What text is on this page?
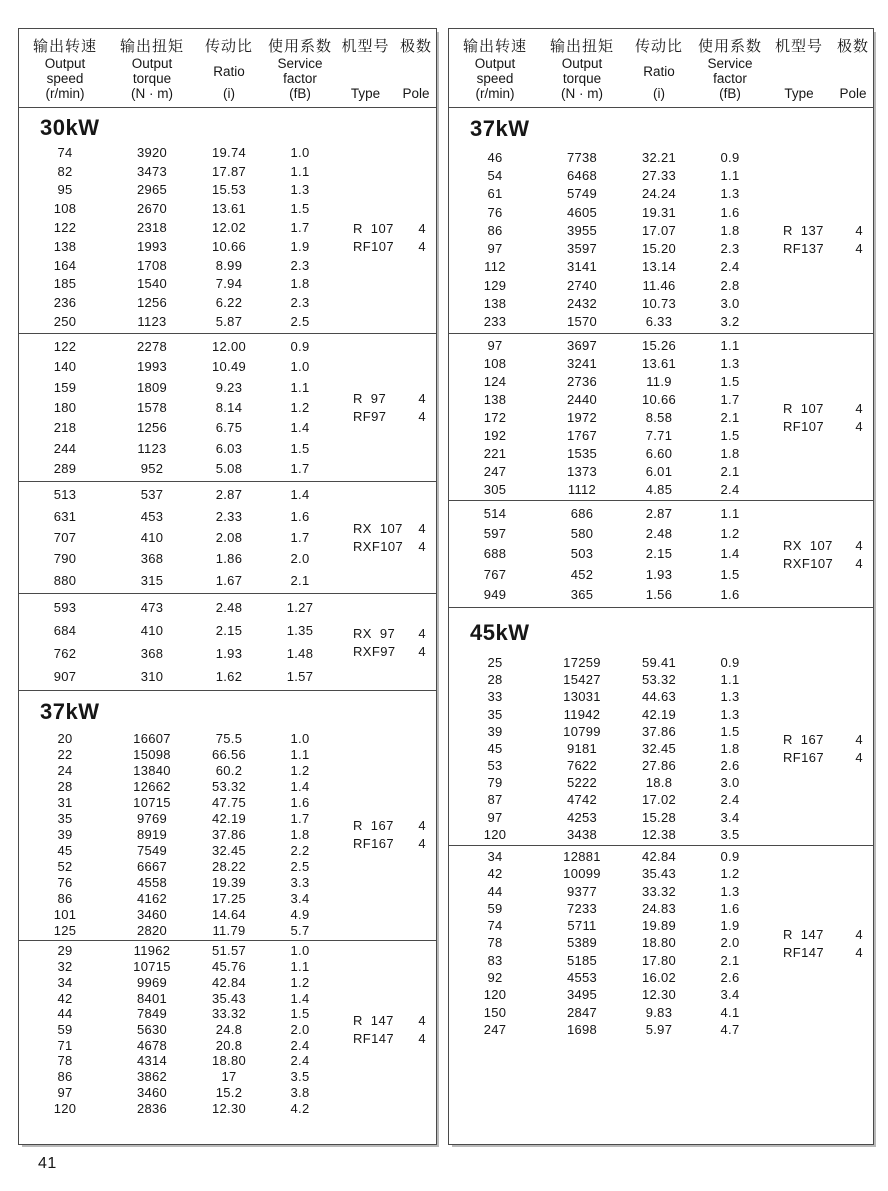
输出转速
Output
speed
(r/min)
输出扭矩
Output
torque
(N · m)
传动比
Ratio
(i)
使用系数
Service
factor
(fB)
机型号
Type
极数
Pole
30kW
74	3920	19.74	1.0
82	3473	17.87	1.1
95	2965	15.53	1.3
108	2670	13.61	1.5
122	2318	12.02	1.7
138	1993	10.66	1.9
164	1708	8.99	2.3
185	1540	7.94	1.8
236	1256	6.22	2.3
250	1123	5.87	2.5
R  107	4
RF107	4
122	2278	12.00	0.9
140	1993	10.49	1.0
159	1809	9.23	1.1
180	1578	8.14	1.2
218	1256	6.75	1.4
244	1123	6.03	1.5
289	952	5.08	1.7
R  97	4
RF97	4
513	537	2.87	1.4
631	453	2.33	1.6
707	410	2.08	1.7
790	368	1.86	2.0
880	315	1.67	2.1
RX  107	4
RXF107	4
593	473	2.48	1.27
684	410	2.15	1.35
762	368	1.93	1.48
907	310	1.62	1.57
RX  97	4
RXF97	4
37kW
20	16607	75.5	1.0
22	15098	66.56	1.1
24	13840	60.2	1.2
28	12662	53.32	1.4
31	10715	47.75	1.6
35	9769	42.19	1.7
39	8919	37.86	1.8
45	7549	32.45	2.2
52	6667	28.22	2.5
76	4558	19.39	3.3
86	4162	17.25	3.4
101	3460	14.64	4.9
125	2820	11.79	5.7
R  167	4
RF167	4
29	11962	51.57	1.0
32	10715	45.76	1.1
34	9969	42.84	1.2
42	8401	35.43	1.4
44	7849	33.32	1.5
59	5630	24.8	2.0
71	4678	20.8	2.4
78	4314	18.80	2.4
86	3862	17	3.5
97	3460	15.2	3.8
120	2836	12.30	4.2
R  147	4
RF147	4
输出转速
Output
speed
(r/min)
输出扭矩
Output
torque
(N · m)
传动比
Ratio
(i)
使用系数
Service
factor
(fB)
机型号
Type
极数
Pole
37kW
46	7738	32.21	0.9
54	6468	27.33	1.1
61	5749	24.24	1.3
76	4605	19.31	1.6
86	3955	17.07	1.8
97	3597	15.20	2.3
112	3141	13.14	2.4
129	2740	11.46	2.8
138	2432	10.73	3.0
233	1570	6.33	3.2
R  137	4
RF137	4
97	3697	15.26	1.1
108	3241	13.61	1.3
124	2736	11.9	1.5
138	2440	10.66	1.7
172	1972	8.58	2.1
192	1767	7.71	1.5
221	1535	6.60	1.8
247	1373	6.01	2.1
305	1112	4.85	2.4
R  107	4
RF107	4
514	686	2.87	1.1
597	580	2.48	1.2
688	503	2.15	1.4
767	452	1.93	1.5
949	365	1.56	1.6
RX  107	4
RXF107	4
45kW
25	17259	59.41	0.9
28	15427	53.32	1.1
33	13031	44.63	1.3
35	11942	42.19	1.3
39	10799	37.86	1.5
45	9181	32.45	1.8
53	7622	27.86	2.6
79	5222	18.8	3.0
87	4742	17.02	2.4
97	4253	15.28	3.4
120	3438	12.38	3.5
R  167	4
RF167	4
34	12881	42.84	0.9
42	10099	35.43	1.2
44	9377	33.32	1.3
59	7233	24.83	1.6
74	5711	19.89	1.9
78	5389	18.80	2.0
83	5185	17.80	2.1
92	4553	16.02	2.6
120	3495	12.30	3.4
150	2847	9.83	4.1
247	1698	5.97	4.7
R  147	4
RF147	4
41
